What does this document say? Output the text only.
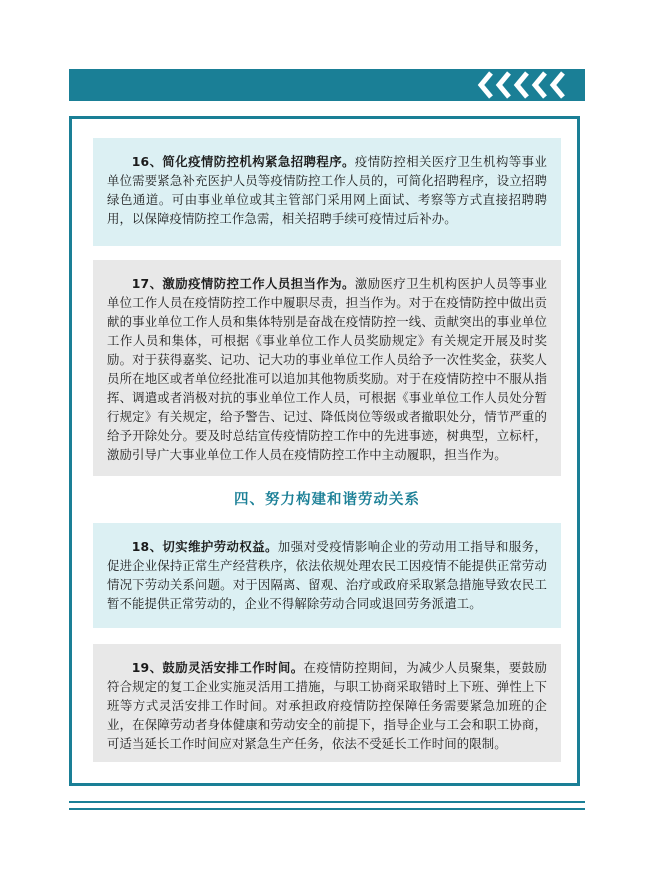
16、简化疫情防控机构紧急招聘程序。疫情防控相关医疗卫生机构等事业单位需要紧急补充医护人员等疫情防控工作人员的，可简化招聘程序，设立招聘绿色通道。可由事业单位或其主管部门采用网上面试、考察等方式直接招聘聘用，以保障疫情防控工作急需，相关招聘手续可疫情过后补办。

17、激励疫情防控工作人员担当作为。激励医疗卫生机构医护人员等事业单位工作人员在疫情防控工作中履职尽责，担当作为。对于在疫情防控中做出贡献的事业单位工作人员和集体特别是奋战在疫情防控一线、贡献突出的事业单位工作人员和集体，可根据《事业单位工作人员奖励规定》有关规定开展及时奖励。对于获得嘉奖、记功、记大功的事业单位工作人员给予一次性奖金，获奖人员所在地区或者单位经批准可以追加其他物质奖励。对于在疫情防控中不服从指挥、调遣或者消极对抗的事业单位工作人员，可根据《事业单位工作人员处分暂行规定》有关规定，给予警告、记过、降低岗位等级或者撤职处分，情节严重的给予开除处分。要及时总结宣传疫情防控工作中的先进事迹，树典型，立标杆，激励引导广大事业单位工作人员在疫情防控工作中主动履职，担当作为。

四、努力构建和谐劳动关系

18、切实维护劳动权益。加强对受疫情影响企业的劳动用工指导和服务，促进企业保持正常生产经营秩序，依法依规处理农民工因疫情不能提供正常劳动情况下劳动关系问题。对于因隔离、留观、治疗或政府采取紧急措施导致农民工暂不能提供正常劳动的，企业不得解除劳动合同或退回劳务派遣工。

19、鼓励灵活安排工作时间。在疫情防控期间，为减少人员聚集，要鼓励符合规定的复工企业实施灵活用工措施，与职工协商采取错时上下班、弹性上下班等方式灵活安排工作时间。对承担政府疫情防控保障任务需要紧急加班的企业，在保障劳动者身体健康和劳动安全的前提下，指导企业与工会和职工协商，可适当延长工作时间应对紧急生产任务，依法不受延长工作时间的限制。
